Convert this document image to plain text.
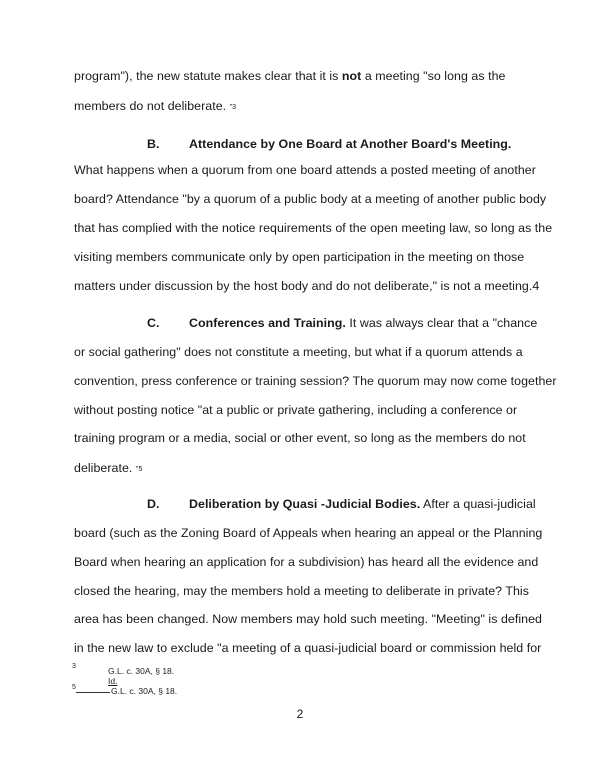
program"), the new statute makes clear that it is not a meeting "so long as the
members do not deliberate. "3
B. Attendance by One Board at Another Board's Meeting.
What happens when a quorum from one board attends a posted meeting of another
board? Attendance "by a quorum of a public body at a meeting of another public body
that has complied with the notice requirements of the open meeting law, so long as the
visiting members communicate only by open participation in the meeting on those
matters under discussion by the host body and do not deliberate," is not a meeting.4
C. Conferences and Training. It was always clear that a "chance
or social gathering" does not constitute a meeting, but what if a quorum attends a
convention, press conference or training session? The quorum may now come together
without posting notice "at a public or private gathering, including a conference or
training program or a media, social or other event, so long as the members do not
deliberate. "5
D. Deliberation by Quasi -Judicial Bodies. After a quasi-judicial
board (such as the Zoning Board of Appeals when hearing an appeal or the Planning
Board when hearing an application for a subdivision) has heard all the evidence and
closed the hearing, may the members hold a meeting to deliberate in private? This
area has been changed. Now members may hold such meeting. "Meeting" is defined
in the new law to exclude "a meeting of a quasi-judicial board or commission held for
3	G.L. c. 30A, § 18.
Id.
5	G.L. c. 30A, § 18.
2
